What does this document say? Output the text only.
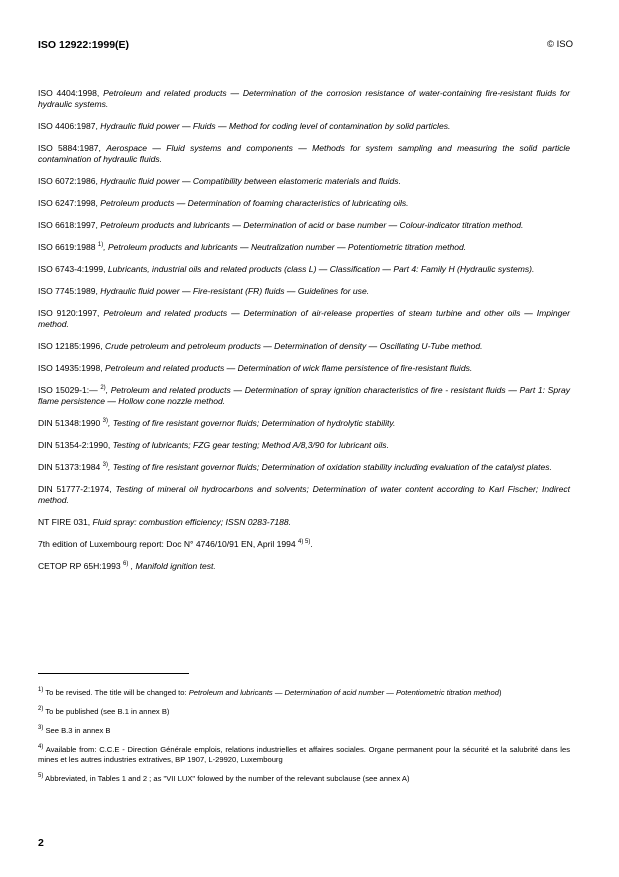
ISO 12922:1999(E)	© ISO

ISO 4404:1998, Petroleum and related products — Determination of the corrosion resistance of water-containing fire-resistant fluids for hydraulic systems.

ISO 4406:1987, Hydraulic fluid power — Fluids — Method for coding level of contamination by solid particles.

ISO 5884:1987, Aerospace — Fluid systems and components — Methods for system sampling and measuring the solid particle contamination of hydraulic fluids.

ISO 6072:1986, Hydraulic fluid power — Compatibility between elastomeric materials and fluids.

ISO 6247:1998, Petroleum products — Determination of foaming characteristics of lubricating oils.

ISO 6618:1997, Petroleum products and lubricants — Determination of acid or base number — Colour-indicator titration method.

ISO 6619:1988 $^{1)}$, Petroleum products and lubricants — Neutralization number — Potentiometric titration method.

ISO 6743-4:1999, Lubricants, industrial oils and related products (class L) — Classification — Part 4: Family H (Hydraulic systems).

ISO 7745:1989, Hydraulic fluid power — Fire-resistant (FR) fluids — Guidelines for use.

ISO 9120:1997, Petroleum and related products — Determination of air-release properties of steam turbine and other oils — Impinger method.

ISO 12185:1996, Crude petroleum and petroleum products — Determination of density — Oscillating U-Tube method.

ISO 14935:1998, Petroleum and related products — Determination of wick flame persistence of fire-resistant fluids.

ISO 15029-1:— $^{2)}$, Petroleum and related products — Determination of spray ignition characteristics of fire - resistant fluids — Part 1: Spray flame persistence — Hollow cone nozzle method.

DIN 51348:1990 $^{3)}$, Testing of fire resistant governor fluids; Determination of hydrolytic stability.

DIN 51354-2:1990, Testing of lubricants; FZG gear testing; Method A/8,3/90 for lubricant oils.

DIN 51373:1984 $^{3)}$, Testing of fire resistant governor fluids; Determination of oxidation stability including evaluation of the catalyst plates.

DIN 51777-2:1974, Testing of mineral oil hydrocarbons and solvents; Determination of water content according to Karl Fischer; Indirect method.

NT FIRE 031, Fluid spray: combustion efficiency; ISSN 0283-7188.

7th edition of Luxembourg report: Doc N° 4746/10/91 EN, April 1994 $^{4) 5)}$.

CETOP RP 65H:1993 $^{6)}$ , Manifold ignition test.

$^{1)}$ To be revised. The title will be changed to: Petroleum and lubricants — Determination of acid number — Potentiometric titration method)

$^{2)}$ To be published (see B.1 in annex B)

$^{3)}$ See B.3 in annex B

$^{4)}$ Available from: C.C.E - Direction Générale emplois, relations industrielles et affaires sociales. Organe permanent pour la sécurité et la salubrité dans les mines et les autres industries extratives, BP 1907, L-29920, Luxembourg

$^{5)}$ Abbreviated, in Tables 1 and 2 ; as "VII LUX" folowed by the number of the relevant subclause (see annex A)

2
